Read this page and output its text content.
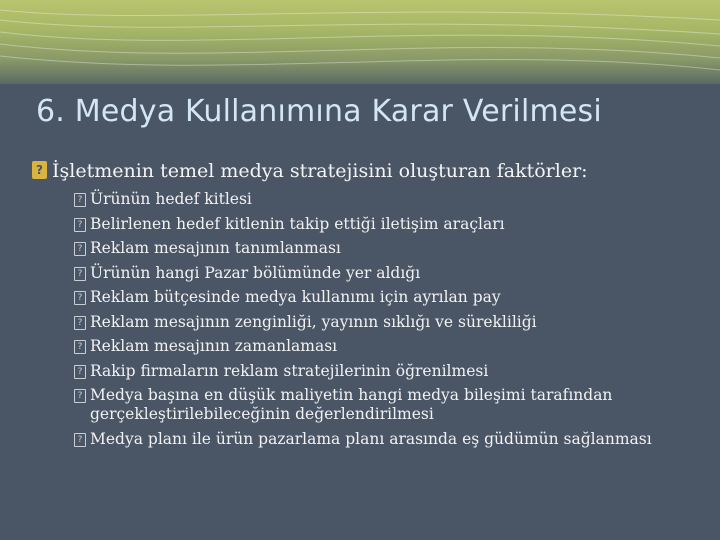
6. Medya Kullanımına Karar Verilmesi
? İşletmenin temel medya stratejisini oluşturan faktörler:
? Ürünün hedef kitlesi
? Belirlenen hedef kitlenin takip ettiği iletişim araçları
? Reklam mesajının tanımlanması
? Ürünün hangi Pazar bölümünde yer aldığı
? Reklam bütçesinde medya kullanımı için ayrılan pay
? Reklam mesajının zenginliği, yayının sıklığı ve sürekliliği
? Reklam mesajının zamanlaması
? Rakip firmaların reklam stratejilerinin öğrenilmesi
? Medya başına en düşük maliyetin hangi medya bileşimi tarafından gerçekleştirilebileceğinin değerlendirilmesi
? Medya planı ile ürün pazarlama planı arasında eş güdümün sağlanması
